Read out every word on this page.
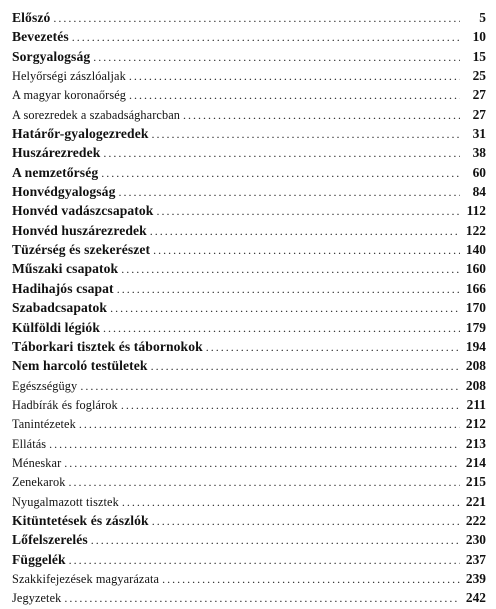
Előszó . . .	5
Bevezetés . . .	10
Sorgyalogság . . .	15
Helyőrségi zászlóaljak . . .	25
A magyar koronaőrség . . .	27
A sorezredek a szabadságharcban . . .	27
Határőr-gyalogezredek . . .	31
Huszárezredek . . .	38
A nemzetőrség . . .	60
Honvédgyalogság . . .	84
Honvéd vadászcsapatok . . .	112
Honvéd huszárezredek . . .	122
Tüzérség és szekerészet . . .	140
Műszaki csapatok . . .	160
Hadihajós csapat . . .	166
Szabadcsapatok . . .	170
Külföldi légiók . . .	179
Táborkari tisztek és tábornokok . . .	194
Nem harcoló testületek . . .	208
Egészségügy . . .	208
Hadbírák és foglárok . . .	211
Tanintézetek . . .	212
Ellátás . . .	213
Méneskar . . .	214
Zenekarok . . .	215
Nyugalmazott tisztek . . .	221
Kitüntetések és zászlók . . .	222
Lőfelszerelés . . .	230
Függelék . . .	237
Szakkifejezések magyarázata . . .	239
Jegyzetek . . .	242
